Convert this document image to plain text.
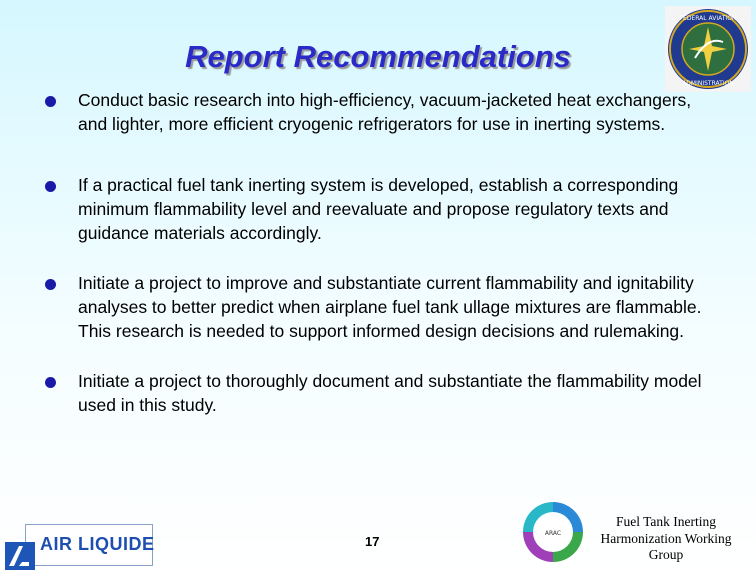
Report Recommendations
FEDERAL AVIATION
ADMINISTRATION
Conduct basic research into high-efficiency, vacuum-jacketed heat exchangers, and lighter, more efficient cryogenic refrigerators for use in inerting systems.
If a practical fuel tank inerting system is developed, establish a corresponding minimum flammability level and reevaluate and propose regulatory texts and guidance materials accordingly.
Initiate a project to improve and substantiate current flammability and ignitability analyses to better predict when airplane fuel tank ullage mixtures are flammable. This research is needed to support informed design decisions and rulemaking.
Initiate a project to thoroughly document and substantiate the flammability model used in this study.
AIR LIQUIDE	17
ARAC
Fuel Tank Inerting Harmonization Working Group
